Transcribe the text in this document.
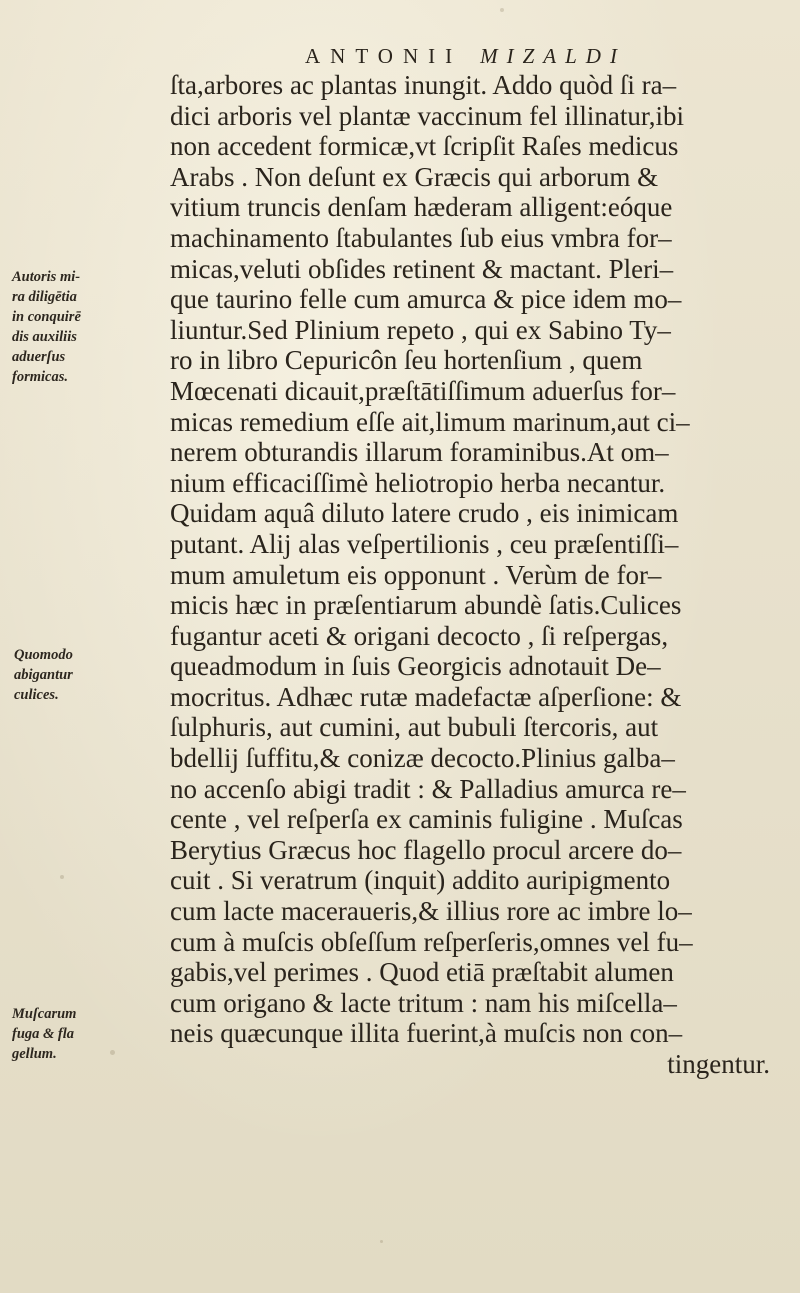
ANTONII MIZALDI
ſta,arbores ac plantas inungit. Addo quòd ſi ra–
dici arboris vel plantæ vaccinum fel illinatur,ibi
non accedent formicæ,vt ſcripſit Raſes medicus
Arabs . Non deſunt ex Græcis qui arborum &
vitium truncis denſam hæderam alligent:eóque
machinamento ſtabulantes ſub eius vmbra for–
micas,veluti obſides retinent & mactant. Pleri–
que taurino felle cum amurca & pice idem mo–
liuntur.Sed Plinium repeto , qui ex Sabino Ty–
ro in libro Cepuricôn ſeu hortenſium , quem
Mœcenati dicauit,præſtātiſſimum aduerſus for–
micas remedium eſſe ait,limum marinum,aut ci–
nerem obturandis illarum foraminibus.At om–
nium efficaciſſimè heliotropio herba necantur.
Quidam aquâ diluto latere crudo , eis inimicam
putant. Alij alas veſpertilionis , ceu præſentiſſi–
mum amuletum eis opponunt . Verùm de for–
micis hæc in præſentiarum abundè ſatis.Culices
fugantur aceti & origani decocto , ſi reſpergas,
queadmodum in ſuis Georgicis adnotauit De–
mocritus. Adhæc rutæ madefactæ aſperſione: &
ſulphuris, aut cumini, aut bubuli ſtercoris, aut
bdellij ſuffitu,& conizæ decocto.Plinius galba–
no accenſo abigi tradit : & Palladius amurca re–
cente , vel reſperſa ex caminis fuligine . Muſcas
Berytius Græcus hoc flagello procul arcere do–
cuit . Si veratrum (inquit) addito auripigmento
cum lacte maceraueris,& illius rore ac imbre lo–
cum à muſcis obſeſſum reſperſeris,omnes vel fu–
gabis,vel perimes . Quod etiā præſtabit alumen
cum origano & lacte tritum : nam his miſcella–
neis quæcunque illita fuerint,à muſcis non con–
tingentur.
Autoris mi-
ra diligētia
in conquirē
dis auxiliis
aduerſus
formicas.
Quomodo
abigantur
culices.
Muſcarum
fuga & fla
gellum.
